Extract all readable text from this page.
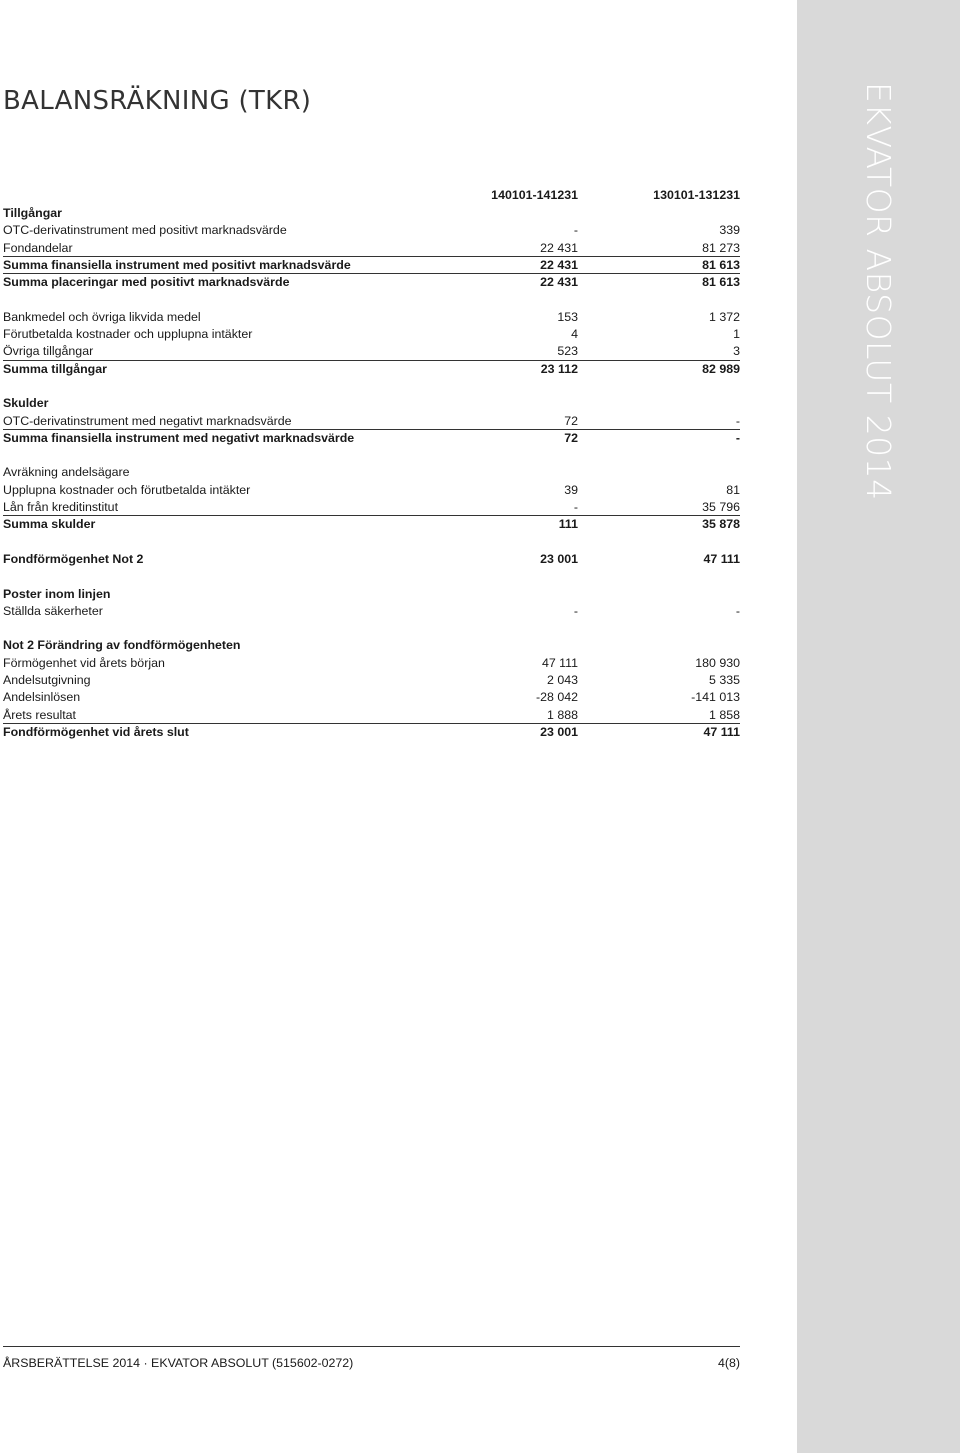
EKVATOR ABSOLUT 2014
BALANSRÄKNING (TKR)
140101-141231	130101-131231
Tillgångar
OTC-derivatinstrument med positivt marknadsvärde	-	339
Fondandelar	22 431	81 273
Summa finansiella instrument med positivt marknadsvärde	22 431	81 613
Summa placeringar med positivt marknadsvärde	22 431	81 613
Bankmedel och övriga likvida medel	153	1 372
Förutbetalda kostnader och upplupna intäkter	4	1
Övriga tillgångar	523	3
Summa tillgångar	23 112	82 989
Skulder
OTC-derivatinstrument med negativt marknadsvärde	72	-
Summa finansiella instrument med negativt marknadsvärde	72	-
Avräkning andelsägare
Upplupna kostnader och förutbetalda intäkter	39	81
Lån från kreditinstitut	-	35 796
Summa skulder	111	35 878
Fondförmögenhet Not 2	23 001	47 111
Poster inom linjen
Ställda säkerheter	-	-
Not 2 Förändring av fondförmögenheten
Förmögenhet vid årets början	47 111	180 930
Andelsutgivning	2 043	5 335
Andelsinlösen	-28 042	-141 013
Årets resultat	1 888	1 858
Fondförmögenhet vid årets slut	23 001	47 111
ÅRSBERÄTTELSE 2014 · EKVATOR ABSOLUT (515602-0272)	4(8)
